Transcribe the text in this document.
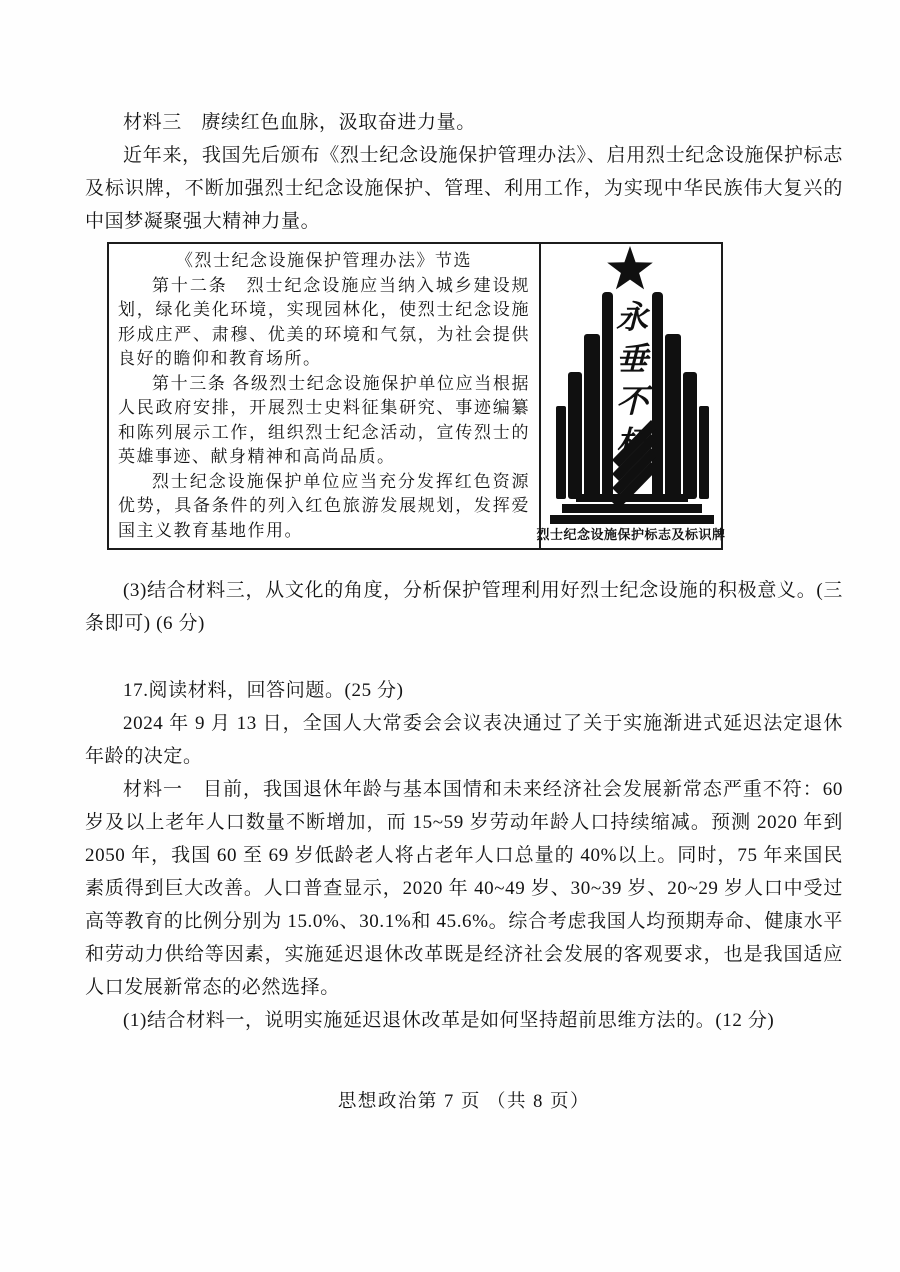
材料三　赓续红色血脉，汲取奋进力量。

近年来，我国先后颁布《烈士纪念设施保护管理办法》、启用烈士纪念设施保护标志及标识牌，不断加强烈士纪念设施保护、管理、利用工作，为实现中华民族伟大复兴的中国梦凝聚强大精神力量。

《烈士纪念设施保护管理办法》节选

第十二条　烈士纪念设施应当纳入城乡建设规划，绿化美化环境，实现园林化，使烈士纪念设施形成庄严、肃穆、优美的环境和气氛，为社会提供良好的瞻仰和教育场所。

第十三条 各级烈士纪念设施保护单位应当根据人民政府安排，开展烈士史料征集研究、事迹编纂和陈列展示工作，组织烈士纪念活动，宣传烈士的英雄事迹、献身精神和高尚品质。

烈士纪念设施保护单位应当充分发挥红色资源优势，具备条件的列入红色旅游发展规划，发挥爱国主义教育基地作用。

永
垂
不
朽
烈士纪念设施保护标志及标识牌

(3)结合材料三，从文化的角度，分析保护管理利用好烈士纪念设施的积极意义。(三条即可) (6 分)

17.阅读材料，回答问题。(25 分)

2024 年 9 月 13 日，全国人大常委会会议表决通过了关于实施渐进式延迟法定退休年龄的决定。

材料一　目前，我国退休年龄与基本国情和未来经济社会发展新常态严重不符：60 岁及以上老年人口数量不断增加，而 15~59 岁劳动年龄人口持续缩减。预测 2020 年到 2050 年，我国 60 至 69 岁低龄老人将占老年人口总量的 40%以上。同时，75 年来国民素质得到巨大改善。人口普查显示，2020 年 40~49 岁、30~39 岁、20~29 岁人口中受过高等教育的比例分别为 15.0%、30.1%和 45.6%。综合考虑我国人均预期寿命、健康水平和劳动力供给等因素，实施延迟退休改革既是经济社会发展的客观要求，也是我国适应人口发展新常态的必然选择。

(1)结合材料一，说明实施延迟退休改革是如何坚持超前思维方法的。(12 分)

思想政治第 7 页 （共 8 页）
